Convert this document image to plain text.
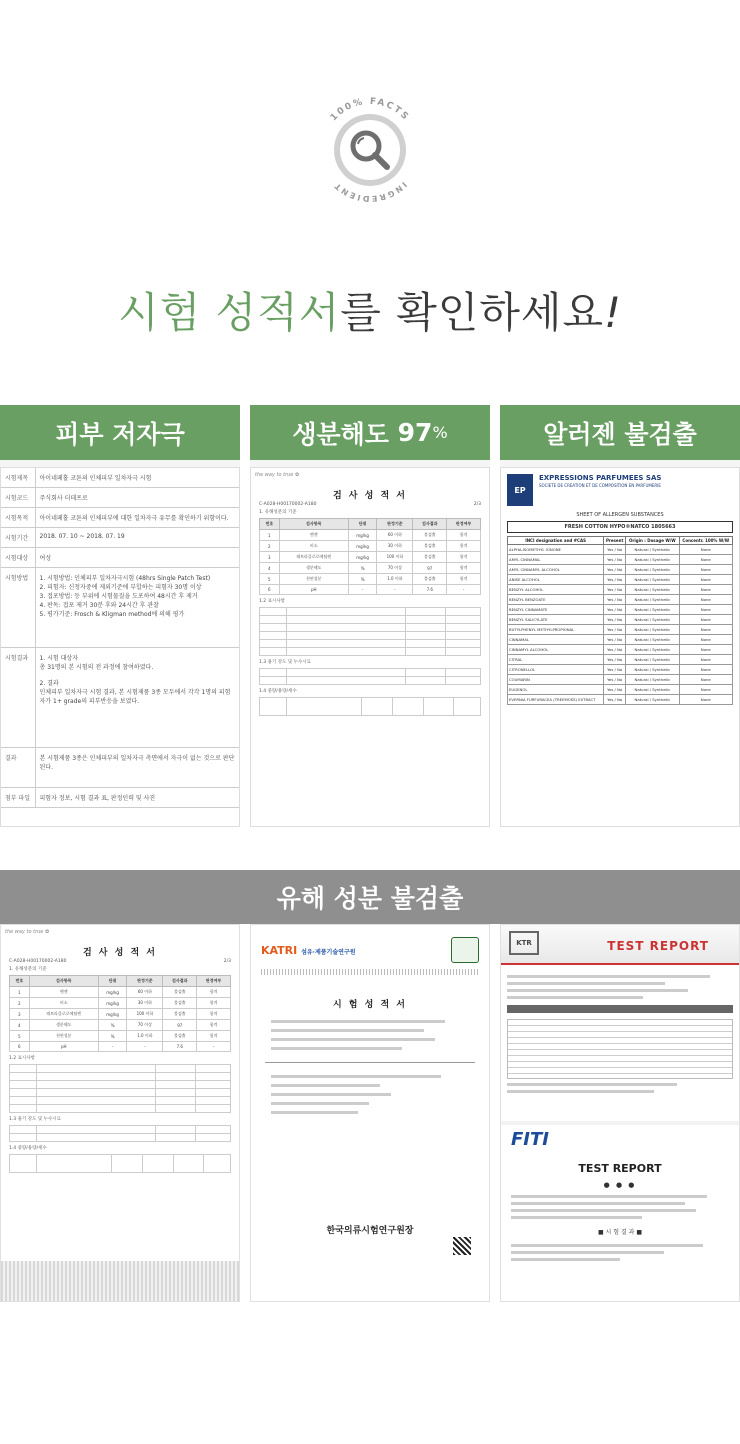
100% FACTS
INGREDIENT
시험 성적서를 확인하세요!
피부 저자극
시험제목	아이네페홀 코튼의 인체피부 일차자극 시험
시험코드	주식회사 더데프로
시험목적	아이네페홀 코튼의 인체피부에 대한 일차자극 유무를 확인하기 위함이다.
시험기간	2018. 07. 10 ~ 2018. 07. 19
시험대상	여성
시험방법	1. 시험방법: 인체피부 일차자극시험 (48hrs Single Patch Test)
2. 피험자: 신청자중에 제외기준에 부합하는 피험자 30명 이상
3. 접포방법: 등 부위에 시험물질을 도포하여 48시간 후 제거
4. 판독: 접포 제거 30분 후와 24시간 후 관찰
5. 평가기준: Frosch & Kligman method에 의해 평가
시험결과	1. 시험 대상자
총 31명의 본 시험의 전 과정에 참여하였다.

2. 결과
인체피부 일차자극 시험 결과, 본 시험제품 3종 모두에서 각각 1명의 피험자가 1+ grade의 피부반응을 보였다.
결과	본 시험제품 3종은 인체피부의 일차자극 측면에서 자극이 없는 것으로 판단된다.
첨부 파일	피험자 정보, 시험 결과 표, 판정인력 및 사진
생분해도
97 %
the way to true ✿
검 사 성 적 서
C-A028-H00170002-A180	2/3
1. 유해성분의 기준
번호	검사항목	단위	판정기준	검사결과	판정여부
1	벤젠	mg/kg	60 이하	불검출	합격
2	비소	mg/kg	30 이하	불검출	합격
3	테트라클로로에틸렌	mg/kg	100 이하	불검출	합격
4	생분해도	%	70 이상	97	합격
5	천연성분	%	1.0 이하	불검출	합격
6	pH	-	-	7.6	-
1.2 표시사항

1.3 용기 강도 및 누수시료

1.4 중량/용량/세수

알러젠 불검출
EP
EXPRESSIONS PARFUMEES SAS
SOCIETE DE CREATION ET DE COMPOSITION EN PARFUMERIE
SHEET OF ALLERGEN SUBSTANCES
FRESH COTTON HYPO®NATCO 1805663
INCI designation and #CAS	Present	Origin : Dosage W/W	Concentr. 100% W/W
ALPHA-ISOMETHYL IONONE	Yes / No	Natural / Synthetic	None
AMYL CINNAMAL	Yes / No	Natural / Synthetic	None
AMYL CINNAMYL ALCOHOL	Yes / No	Natural / Synthetic	None
ANISE ALCOHOL	Yes / No	Natural / Synthetic	None
BENZYL ALCOHOL	Yes / No	Natural / Synthetic	None
BENZYL BENZOATE	Yes / No	Natural / Synthetic	None
BENZYL CINNAMATE	Yes / No	Natural / Synthetic	None
BENZYL SALICYLATE	Yes / No	Natural / Synthetic	None
BUTYLPHENYL METHYLPROPIONAL	Yes / No	Natural / Synthetic	None
CINNAMAL	Yes / No	Natural / Synthetic	None
CINNAMYL ALCOHOL	Yes / No	Natural / Synthetic	None
CITRAL	Yes / No	Natural / Synthetic	None
CITRONELLOL	Yes / No	Natural / Synthetic	None
COUMARIN	Yes / No	Natural / Synthetic	None
EUGENOL	Yes / No	Natural / Synthetic	None
EVERNIA FURFURACEA (TREEMOSS) EXTRACT	Yes / No	Natural / Synthetic	None
유해 성분 불검출
the way to true ✿
검 사 성 적 서
C-A028-H00170002-A180	2/3
1. 유해성분의 기준
번호	검사항목	단위	판정기준	검사결과	판정여부
1	벤젠	mg/kg	60 이하	불검출	합격
2	비소	mg/kg	30 이하	불검출	합격
3	테트라클로로에틸렌	mg/kg	100 이하	불검출	합격
4	생분해도	%	70 이상	97	합격
5	천연성분	%	1.0 이하	불검출	합격
6	pH	-	-	7.6	-
1.2 표시사항

1.3 용기 강도 및 누수시료

1.4 중량/용량/세수

KATRI 섬유·제품기술연구원
시 험 성 적 서
한국의류시험연구원장
KTR	TEST REPORT
FITI
TEST REPORT
● ● ●
■ 시 험 결 과 ■
